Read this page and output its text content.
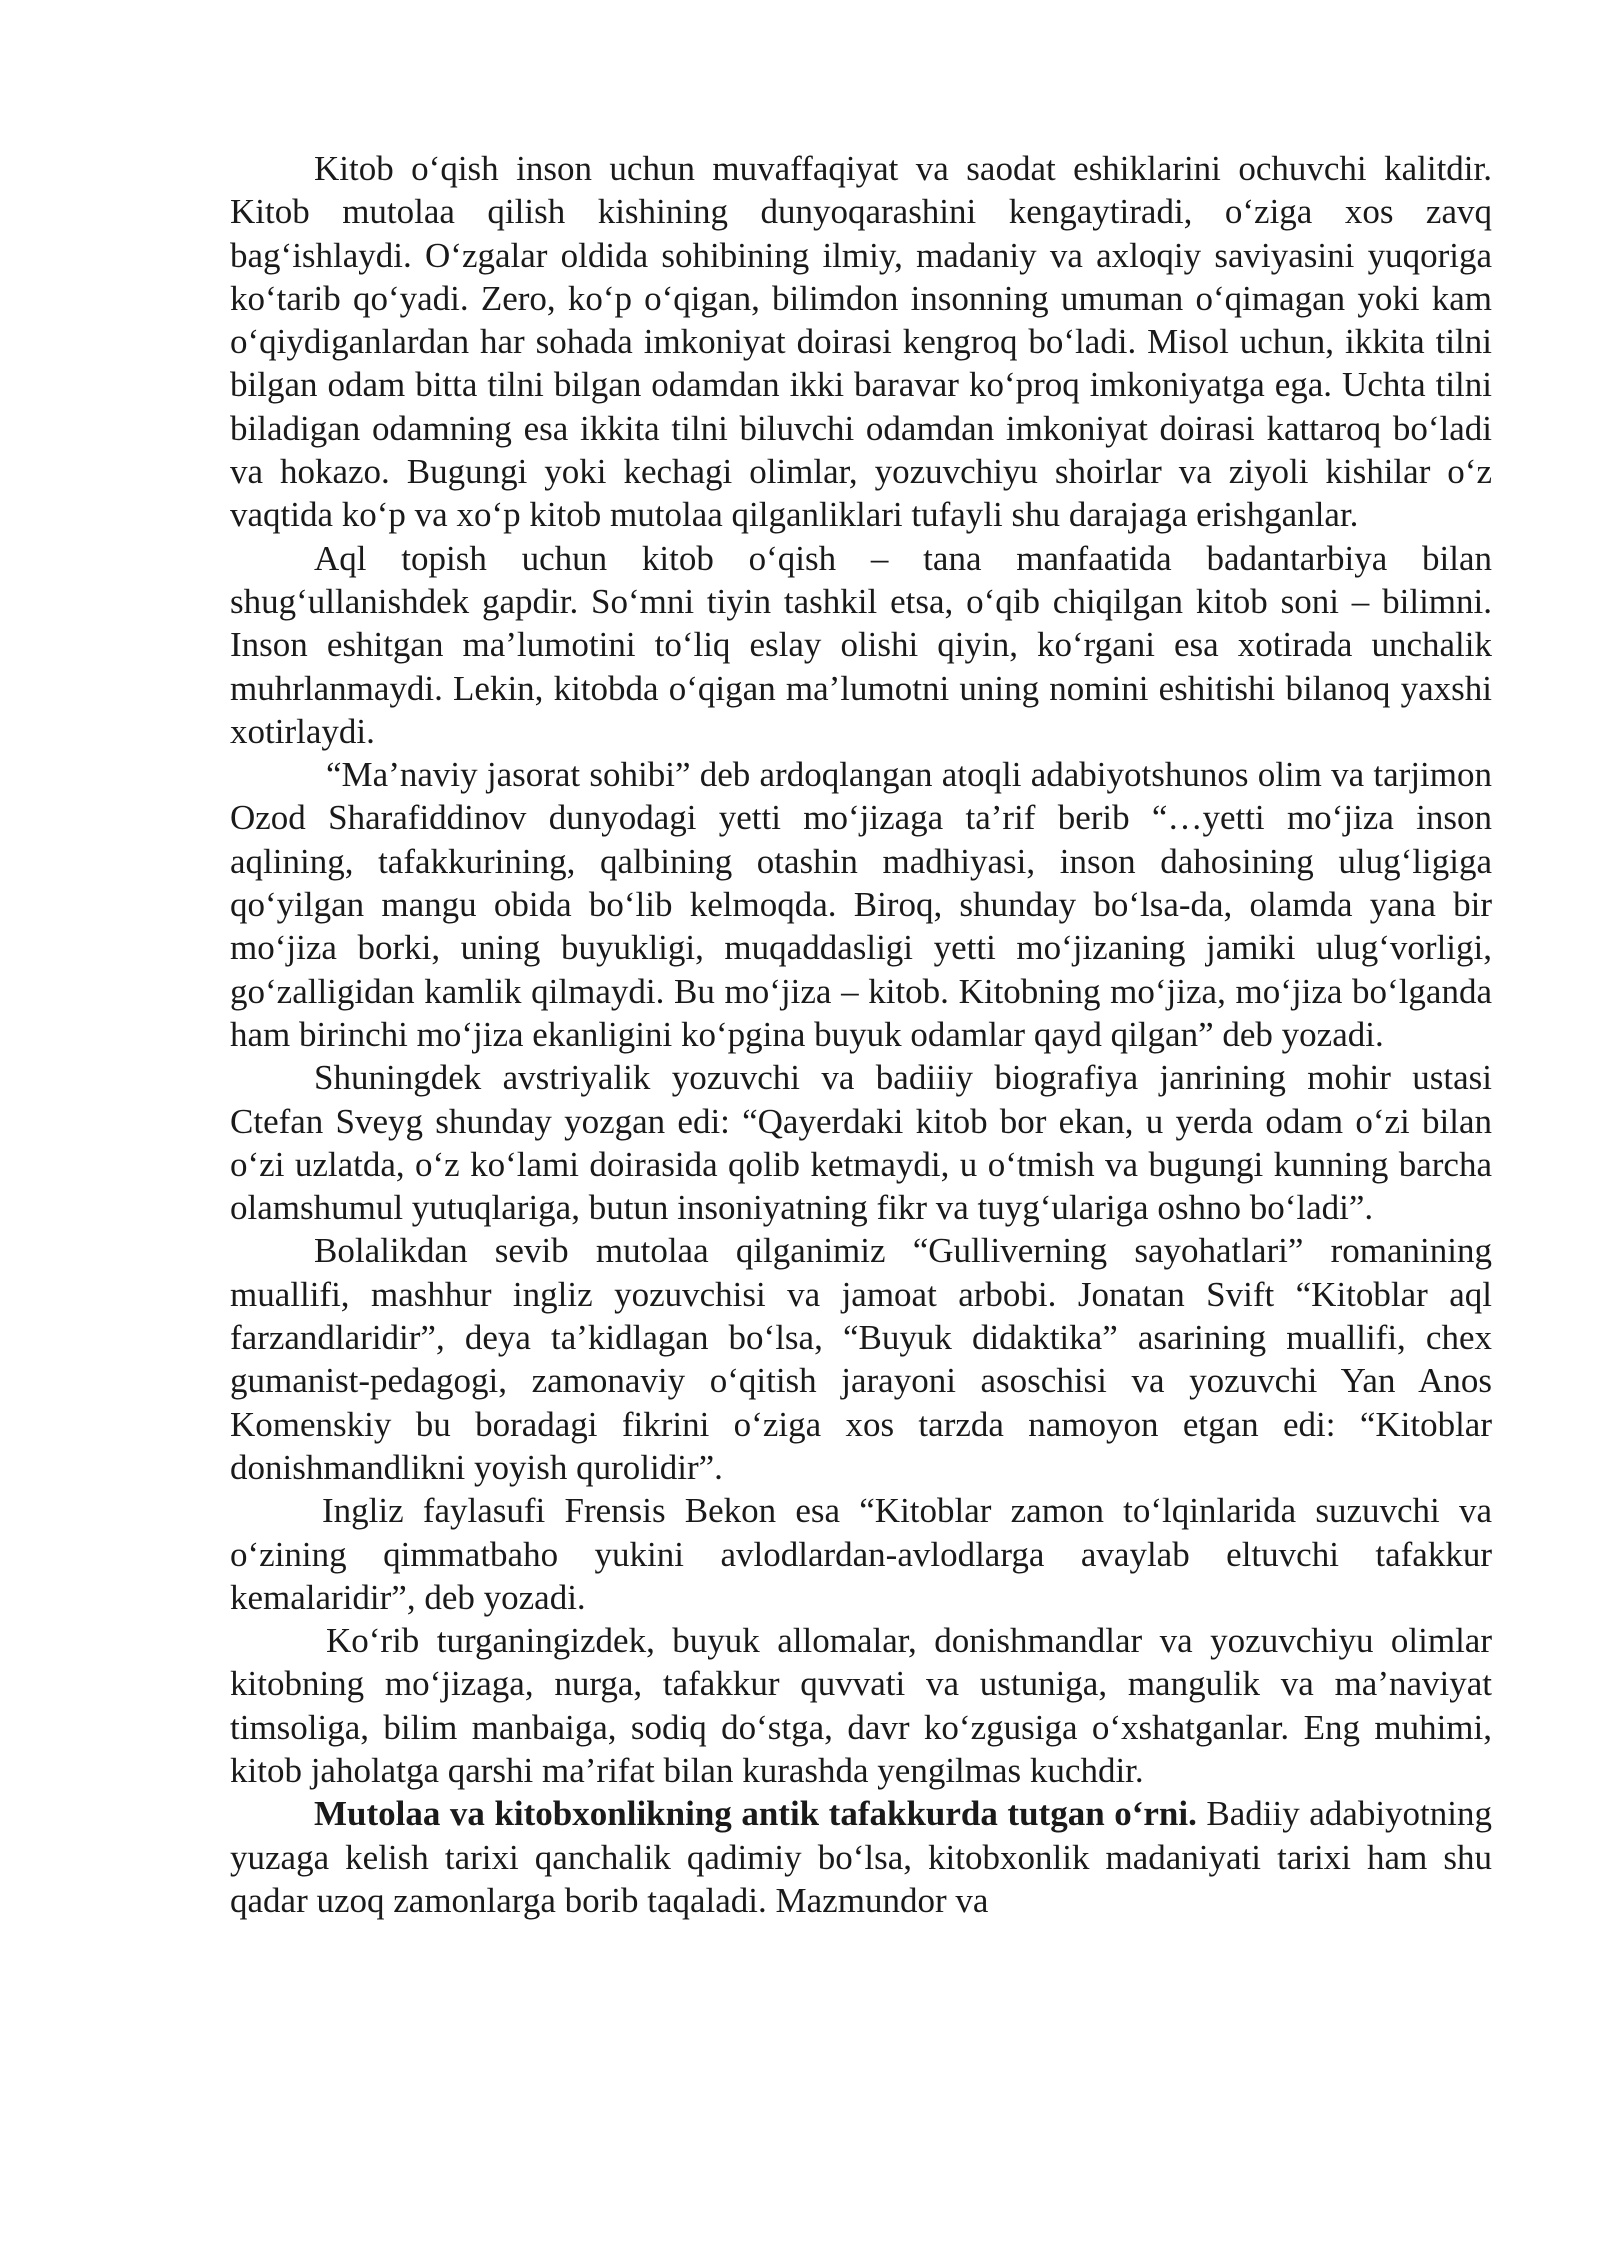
Kitob o‘qish inson uchun muvaffaqiyat va saodat eshiklarini ochuvchi kalitdir. Kitob mutolaa qilish kishining dunyoqarashini kengaytiradi, o‘ziga xos zavq bag‘ishlaydi. O‘zgalar oldida sohibining ilmiy, madaniy va axloqiy saviyasini yuqoriga ko‘tarib qo‘yadi. Zero, ko‘p o‘qigan, bilimdon insonning umuman o‘qimagan yoki kam o‘qiydiganlardan har sohada imkoniyat doirasi kengroq bo‘ladi. Misol uchun, ikkita tilni bilgan odam bitta tilni bilgan odamdan ikki baravar ko‘proq imkoniyatga ega. Uchta tilni biladigan odamning esa ikkita tilni biluvchi odamdan imkoniyat doirasi kattaroq bo‘ladi va hokazo. Bugungi yoki kechagi olimlar, yozuvchiyu shoirlar va ziyoli kishilar o‘z vaqtida ko‘p va xo‘p kitob mutolaa qilganliklari tufayli shu darajaga erishganlar.

Aql topish uchun kitob o‘qish – tana manfaatida badantarbiya bilan shug‘ullanishdek gapdir. So‘mni tiyin tashkil etsa, o‘qib chiqilgan kitob soni – bilimni. Inson eshitgan ma’lumotini to‘liq eslay olishi qiyin, ko‘rgani esa xotirada unchalik muhrlanmaydi. Lekin, kitobda o‘qigan ma’lumotni uning nomini eshitishi bilanoq yaxshi xotirlaydi.

“Ma’naviy jasorat sohibi” deb ardoqlangan atoqli adabiyotshunos olim va tarjimon Ozod Sharafiddinov dunyodagi yetti mo‘jizaga ta’rif berib “…yetti mo‘jiza inson aqlining, tafakkurining, qalbining otashin madhiyasi, inson dahosining ulug‘ligiga qo‘yilgan mangu obida bo‘lib kelmoqda. Biroq, shunday bo‘lsa-da, olamda yana bir mo‘jiza borki, uning buyukligi, muqaddasligi yetti mo‘jizaning jamiki ulug‘vorligi, go‘zalligidan kamlik qilmaydi. Bu mo‘jiza – kitob. Kitobning mo‘jiza, mo‘jiza bo‘lganda ham birinchi mo‘jiza ekanligini ko‘pgina buyuk odamlar qayd qilgan” deb yozadi.

Shuningdek avstriyalik yozuvchi va badiiiy biografiya janrining mohir ustasi Ctefan Sveyg shunday yozgan edi: “Qayerdaki kitob bor ekan, u yerda odam o‘zi bilan o‘zi uzlatda, o‘z ko‘lami doirasida qolib ketmaydi, u o‘tmish va bugungi kunning barcha olamshumul yutuqlariga, butun insoniyatning fikr va tuyg‘ulariga oshno bo‘ladi”.

Bolalikdan sevib mutolaa qilganimiz “Gulliverning sayohatlari” romanining muallifi, mashhur ingliz yozuvchisi va jamoat arbobi. Jonatan Svift “Kitoblar aql farzandlaridir”, deya ta’kidlagan bo‘lsa, “Buyuk didaktika” asarining muallifi, chex gumanist-pedagogi, zamonaviy o‘qitish jarayoni asoschisi va yozuvchi Yan Anos Komenskiy bu boradagi fikrini o‘ziga xos tarzda namoyon etgan edi: “Kitoblar donishmandlikni yoyish qurolidir”.

Ingliz faylasufi Frensis Bekon esa “Kitoblar zamon to‘lqinlarida suzuvchi va o‘zining qimmatbaho yukini avlodlardan-avlodlarga avaylab eltuvchi tafakkur kemalaridir”, deb yozadi.

Ko‘rib turganingizdek, buyuk allomalar, donishmandlar va yozuvchiyu olimlar kitobning mo‘jizaga, nurga, tafakkur quvvati va ustuniga, mangulik va ma’naviyat timsoliga, bilim manbaiga, sodiq do‘stga, davr ko‘zgusiga o‘xshatganlar. Eng muhimi, kitob jaholatga qarshi ma’rifat bilan kurashda yengilmas kuchdir.

Mutolaa va kitobxonlikning antik tafakkurda tutgan o‘rni. Badiiy adabiyotning yuzaga kelish tarixi qanchalik qadimiy bo‘lsa, kitobxonlik madaniyati tarixi ham shu qadar uzoq zamonlarga borib taqaladi. Mazmundor va
